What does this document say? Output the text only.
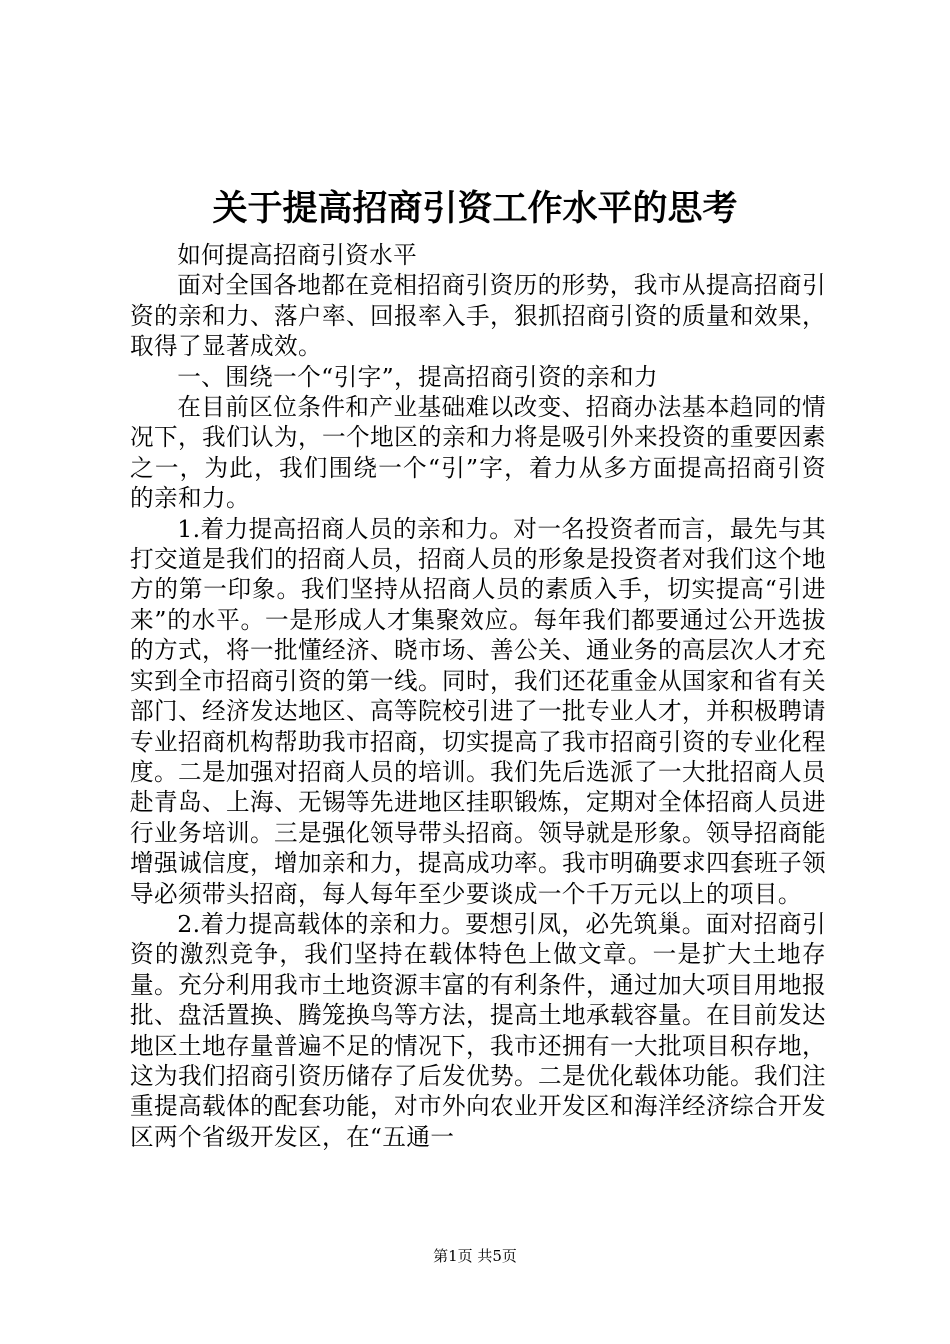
关于提高招商引资工作水平的思考

如何提高招商引资水平

面对全国各地都在竞相招商引资历的形势，我市从提高招商引资的亲和力、落户率、回报率入手，狠抓招商引资的质量和效果，取得了显著成效。

一、围绕一个“引字”，提高招商引资的亲和力

在目前区位条件和产业基础难以改变、招商办法基本趋同的情况下，我们认为，一个地区的亲和力将是吸引外来投资的重要因素之一，为此，我们围绕一个“引”字，着力从多方面提高招商引资的亲和力。

1.着力提高招商人员的亲和力。对一名投资者而言，最先与其打交道是我们的招商人员，招商人员的形象是投资者对我们这个地方的第一印象。我们坚持从招商人员的素质入手，切实提高“引进来”的水平。一是形成人才集聚效应。每年我们都要通过公开选拔的方式，将一批懂经济、晓市场、善公关、通业务的高层次人才充实到全市招商引资的第一线。同时，我们还花重金从国家和省有关部门、经济发达地区、高等院校引进了一批专业人才，并积极聘请专业招商机构帮助我市招商，切实提高了我市招商引资的专业化程度。二是加强对招商人员的培训。我们先后选派了一大批招商人员赴青岛、上海、无锡等先进地区挂职锻炼，定期对全体招商人员进行业务培训。三是强化领导带头招商。领导就是形象。领导招商能增强诚信度，增加亲和力，提高成功率。我市明确要求四套班子领导必须带头招商，每人每年至少要谈成一个千万元以上的项目。

2.着力提高载体的亲和力。要想引凤，必先筑巢。面对招商引资的激烈竞争，我们坚持在载体特色上做文章。一是扩大土地存量。充分利用我市土地资源丰富的有利条件，通过加大项目用地报批、盘活置换、腾笼换鸟等方法，提高土地承载容量。在目前发达地区土地存量普遍不足的情况下，我市还拥有一大批项目积存地，这为我们招商引资历储存了后发优势。二是优化载体功能。我们注重提高载体的配套功能，对市外向农业开发区和海洋经济综合开发区两个省级开发区，在“五通一

第1页 共5页
